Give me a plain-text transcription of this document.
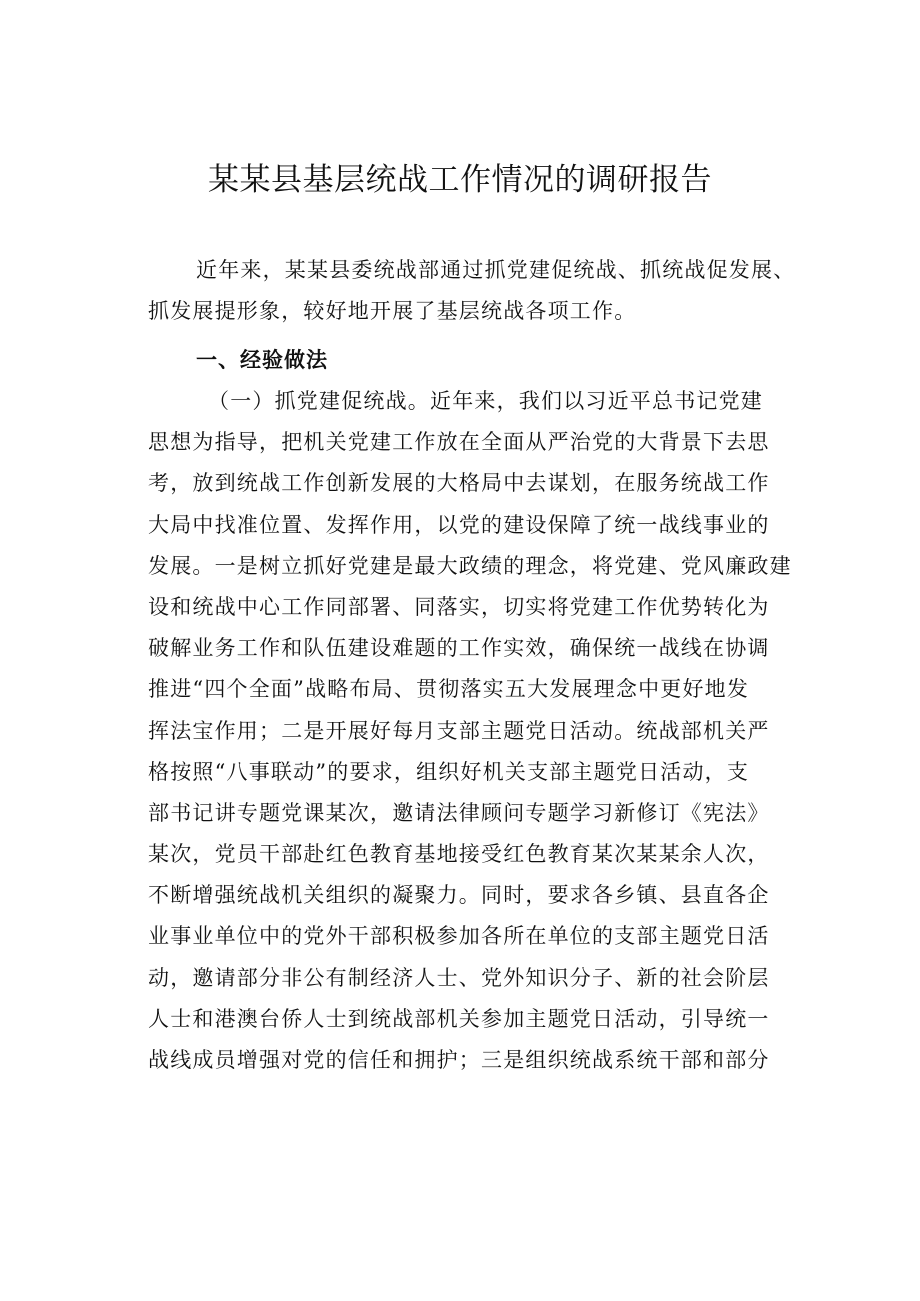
某某县基层统战工作情况的调研报告
近年来，某某县委统战部通过抓党建促统战、抓统战促发展、
抓发展提形象，较好地开展了基层统战各项工作。
一、经验做法
（一）抓党建促统战。近年来，我们以习近平总书记党建
思想为指导，把机关党建工作放在全面从严治党的大背景下去思
考，放到统战工作创新发展的大格局中去谋划，在服务统战工作
大局中找准位置、发挥作用，以党的建设保障了统一战线事业的
发展。一是树立抓好党建是最大政绩的理念，将党建、党风廉政建
设和统战中心工作同部署、同落实，切实将党建工作优势转化为
破解业务工作和队伍建设难题的工作实效，确保统一战线在协调
推进“四个全面”战略布局、贯彻落实五大发展理念中更好地发
挥法宝作用；二是开展好每月支部主题党日活动。统战部机关严
格按照“八事联动”的要求，组织好机关支部主题党日活动，支
部书记讲专题党课某次，邀请法律顾问专题学习新修订《宪法》
某次，党员干部赴红色教育基地接受红色教育某次某某余人次，
不断增强统战机关组织的凝聚力。同时，要求各乡镇、县直各企
业事业单位中的党外干部积极参加各所在单位的支部主题党日活
动，邀请部分非公有制经济人士、党外知识分子、新的社会阶层
人士和港澳台侨人士到统战部机关参加主题党日活动，引导统一
战线成员增强对党的信任和拥护；三是组织统战系统干部和部分
